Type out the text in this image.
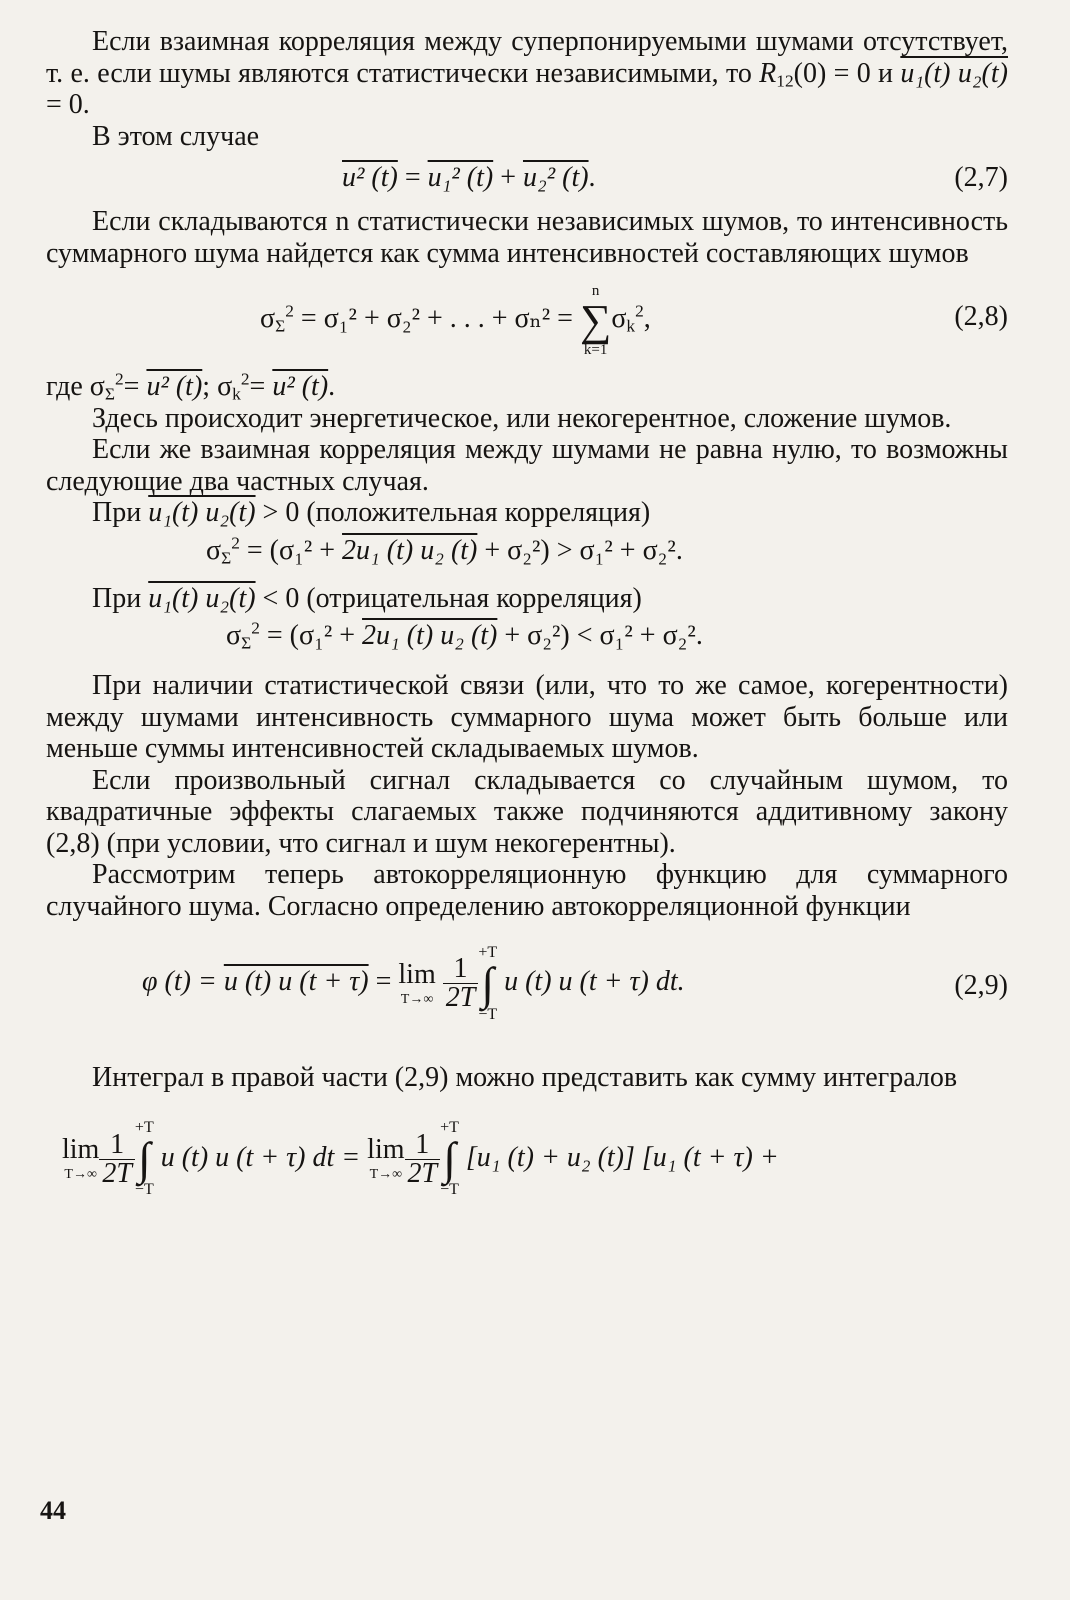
Если взаимная корреляция между суперпонируемыми шумами отсутствует, т. е. если шумы являются статистически независимыми, то $R_{12}(0) = 0$ и u₁(t) u₂(t) = 0.

В этом случае

u² (t) = u₁² (t) + u₂² (t).	(2,7)

Если складываются n статистически независимых шумов, то интенсивность суммарного шума найдется как сумма интенсивностей составляющих шумов

$\sigma_\Sigma^2 = \sigma_1^2 + \sigma_2^2$ + . . . + σₙ² =
n
∑
k=1
$\sigma_k^2$,	(2,8)

где $\sigma_\Sigma^2= u^2$ (t); $\sigma_k^2= u^2$ (t).

Здесь происходит энергетическое, или некогерентное, сложение шумов.

Если же взаимная корреляция между шумами не равна нулю, то возможны следующие два частных случая.

При u₁(t) u₂(t) > 0 (положительная корреляция)

$\sigma_\Sigma^2 = (\sigma_1^2 + 2u_1$ (t) u₂ (t) + σ₂²) > σ₁² + σ₂².

При u₁(t) u₂(t) < 0 (отрицательная корреляция)

$\sigma_\Sigma^2 = (\sigma_1^2 + 2u_1$ (t) u₂ (t) + σ₂²) < σ₁² + σ₂².

При наличии статистической связи (или, что то же самое, когерентности) между шумами интенсивность суммарного шума может быть больше или меньше суммы интенсивностей складываемых шумов.

Если произвольный сигнал складывается со случайным шумом, то квадратичные эффекты слагаемых также подчиняются аддитивному закону (2,8) (при условии, что сигнал и шум некогерентны).

Рассмотрим теперь автокорреляционную функцию для суммарного случайного шума. Согласно определению автокорреляционной функции

φ (t) = u (t) u (t + τ) = lim
T→∞
$\frac{1}{2T}$
+T
∫
−T
u (t) u (t + τ) dt.	(2,9)

Интеграл в правой части (2,9) можно представить как сумму интегралов

lim
$T\to\infty \frac{1}{2T}$
+T
∫
−T
u (t) u (t + τ) dt = lim
$T\to\infty \frac{1}{2T}$
+T
∫
−T
[u₁ (t) + u₂ (t)] [u₁ (t + τ) +
44
